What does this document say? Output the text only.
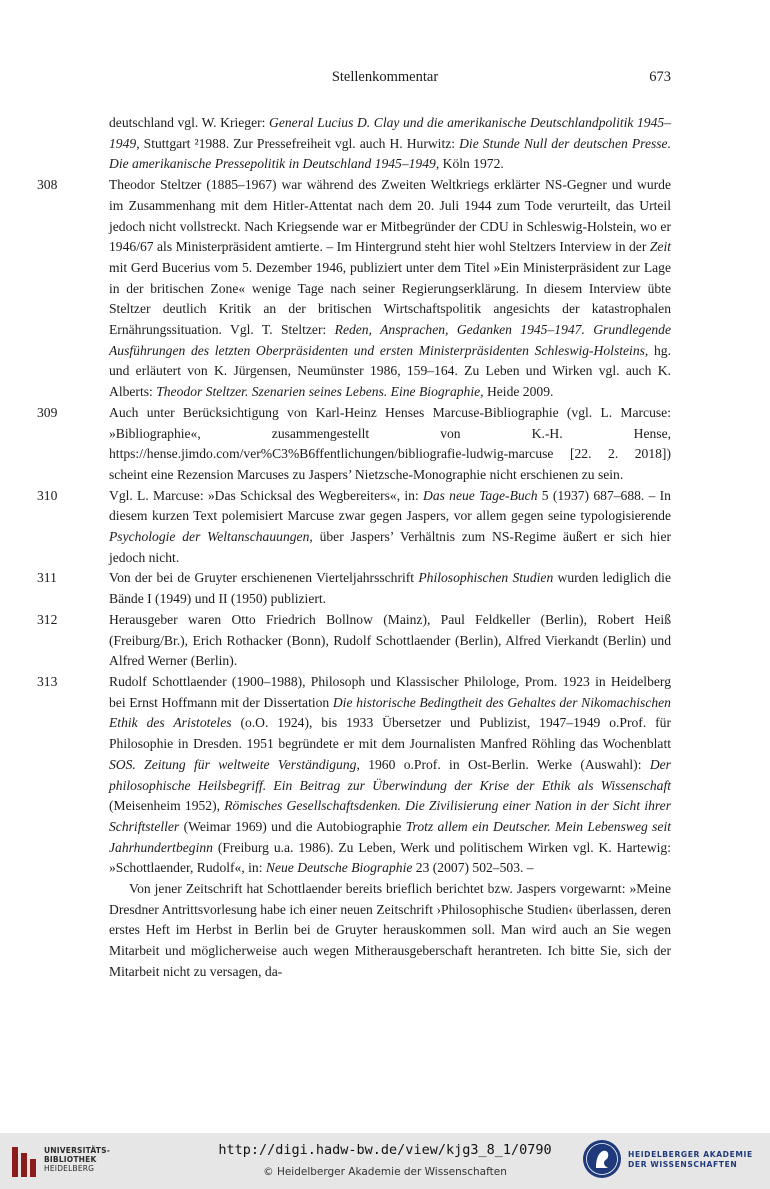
Stellenkommentar	673

deutschland vgl. W. Krieger: General Lucius D. Clay und die amerikanische Deutschlandpolitik 1945–1949, Stuttgart ²1988. Zur Pressefreiheit vgl. auch H. Hurwitz: Die Stunde Null der deutschen Presse. Die amerikanische Pressepolitik in Deutschland 1945–1949, Köln 1972.

308	Theodor Steltzer (1885–1967) war während des Zweiten Weltkriegs erklärter NS-Gegner und wurde im Zusammenhang mit dem Hitler-Attentat nach dem 20. Juli 1944 zum Tode verurteilt, das Urteil jedoch nicht vollstreckt. Nach Kriegsende war er Mitbegründer der CDU in Schleswig-Holstein, wo er 1946/67 als Ministerpräsident amtierte. – Im Hintergrund steht hier wohl Steltzers Interview in der Zeit mit Gerd Bucerius vom 5. Dezember 1946, publiziert unter dem Titel »Ein Ministerpräsident zur Lage in der britischen Zone« wenige Tage nach seiner Regierungserklärung. In diesem Interview übte Steltzer deutlich Kritik an der britischen Wirtschaftspolitik angesichts der katastrophalen Ernährungssituation. Vgl. T. Steltzer: Reden, Ansprachen, Gedanken 1945–1947. Grundlegende Ausführungen des letzten Oberpräsidenten und ersten Ministerpräsidenten Schleswig-Holsteins, hg. und erläutert von K. Jürgensen, Neumünster 1986, 159–164. Zu Leben und Wirken vgl. auch K. Alberts: Theodor Steltzer. Szenarien seines Lebens. Eine Biographie, Heide 2009.

309	Auch unter Berücksichtigung von Karl-Heinz Henses Marcuse-Bibliographie (vgl. L. Marcuse: »Bibliographie«, zusammengestellt von K.-H. Hense, https://hense.jimdo.com/ver%C3%B6ffentlichungen/bibliografie-ludwig-marcuse [22. 2. 2018]) scheint eine Rezension Marcuses zu Jaspers’ Nietzsche-Monographie nicht erschienen zu sein.

310	Vgl. L. Marcuse: »Das Schicksal des Wegbereiters«, in: Das neue Tage-Buch 5 (1937) 687–688. – In diesem kurzen Text polemisiert Marcuse zwar gegen Jaspers, vor allem gegen seine typologisierende Psychologie der Weltanschauungen, über Jaspers’ Verhältnis zum NS-Regime äußert er sich hier jedoch nicht.

311	Von der bei de Gruyter erschienenen Vierteljahrsschrift Philosophischen Studien wurden lediglich die Bände I (1949) und II (1950) publiziert.

312	Herausgeber waren Otto Friedrich Bollnow (Mainz), Paul Feldkeller (Berlin), Robert Heiß (Freiburg/Br.), Erich Rothacker (Bonn), Rudolf Schottlaender (Berlin), Alfred Vierkandt (Berlin) und Alfred Werner (Berlin).

313	Rudolf Schottlaender (1900–1988), Philosoph und Klassischer Philologe, Prom. 1923 in Heidelberg bei Ernst Hoffmann mit der Dissertation Die historische Bedingtheit des Gehaltes der Nikomachischen Ethik des Aristoteles (o.O. 1924), bis 1933 Übersetzer und Publizist, 1947–1949 o.Prof. für Philosophie in Dresden. 1951 begründete er mit dem Journalisten Manfred Röhling das Wochenblatt SOS. Zeitung für weltweite Verständigung, 1960 o.Prof. in Ost-Berlin. Werke (Auswahl): Der philosophische Heilsbegriff. Ein Beitrag zur Überwindung der Krise der Ethik als Wissenschaft (Meisenheim 1952), Römisches Gesellschaftsdenken. Die Zivilisierung einer Nation in der Sicht ihrer Schriftsteller (Weimar 1969) und die Autobiographie Trotz allem ein Deutscher. Mein Lebensweg seit Jahrhundertbeginn (Freiburg u.a. 1986). Zu Leben, Werk und politischem Wirken vgl. K. Hartewig: »Schottlaender, Rudolf«, in: Neue Deutsche Biographie 23 (2007) 502–503. –

Von jener Zeitschrift hat Schottlaender bereits brieflich berichtet bzw. Jaspers vorgewarnt: »Meine Dresdner Antrittsvorlesung habe ich einer neuen Zeitschrift ›Philosophische Studien‹ überlassen, deren erstes Heft im Herbst in Berlin bei de Gruyter herauskommen soll. Man wird auch an Sie wegen Mitarbeit und möglicherweise auch wegen Mitherausgeberschaft herantreten. Ich bitte Sie, sich der Mitarbeit nicht zu versagen, da-

UNIVERSITÄTS-
BIBLIOTHEK
HEIDELBERG
http://digi.hadw-bw.de/view/kjg3_8_1/0790
© Heidelberger Akademie der Wissenschaften
HEIDELBERGER AKADEMIE
DER WISSENSCHAFTEN
